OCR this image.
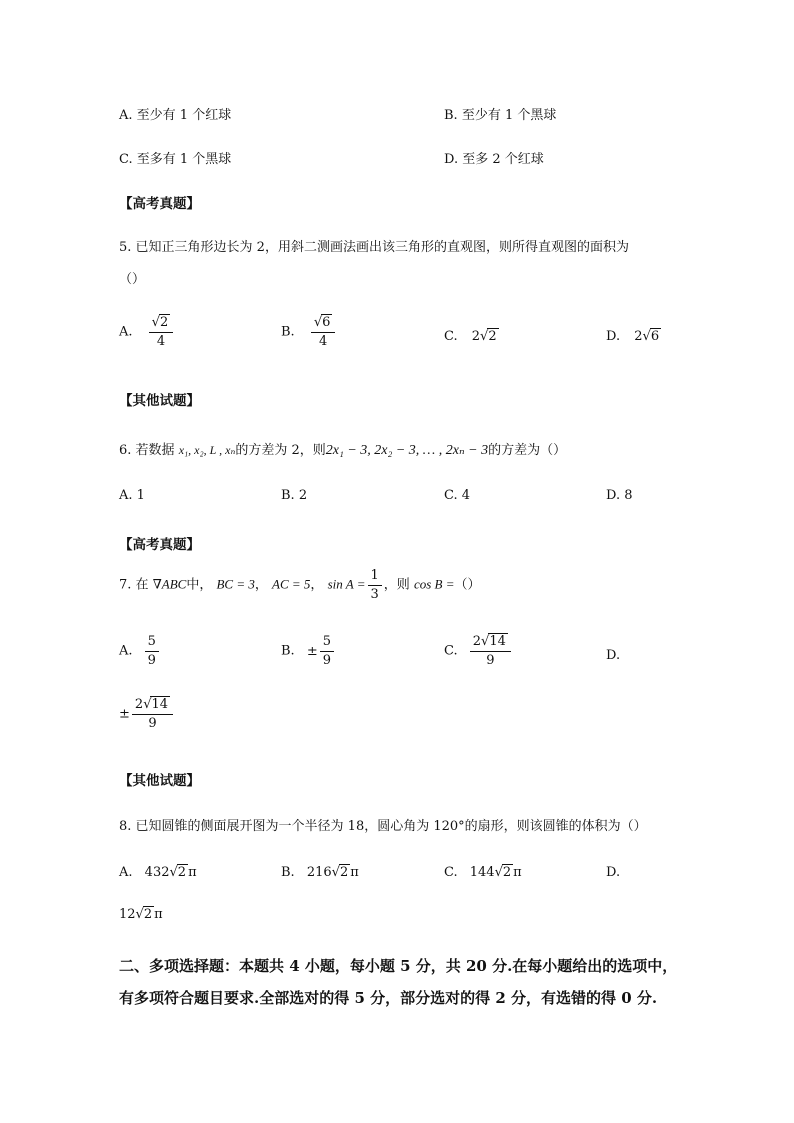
A. 至少有 1 个红球	B. 至少有 1 个黑球
C. 至多有 1 个黑球	D. 至多 2 个红球
【高考真题】
5. 已知正三角形边长为 2，用斜二测画法画出该三角形的直观图，则所得直观图的面积为
（）
A. $\frac{√2}{4}$	B. $\frac{√6}{4}$	C. 2√2	D. 2√6
【其他试题】
6. 若数据 x₁, x₂, L , xₙ的方差为 2，则2x₁ − 3, 2x₂ − 3, … , 2xₙ − 3的方差为（）
A. 1	B. 2	C. 4	D. 8
【高考真题】
7. 在 ∇ABC中， BC = 3， AC = 5， $\sin A = \frac{1}{3}$ ，则 cos B =（）
A. $\frac{5}{9}$	B. ± $\frac{5}{9}$	C. $\frac{2√14}{9}$	D.
± $\frac{2√14}{9}$
【其他试题】
8. 已知圆锥的侧面展开图为一个半径为 18，圆心角为 120°的扇形，则该圆锥的体积为（）
A. 432√2 π	B. 216√2 π	C. 144√2 π	D.
12√2 π
二、多项选择题：本题共 4 小题，每小题 5 分，共 20 分.在每小题给出的选项中，
有多项符合题目要求.全部选对的得 5 分，部分选对的得 2 分，有选错的得 0 分.
